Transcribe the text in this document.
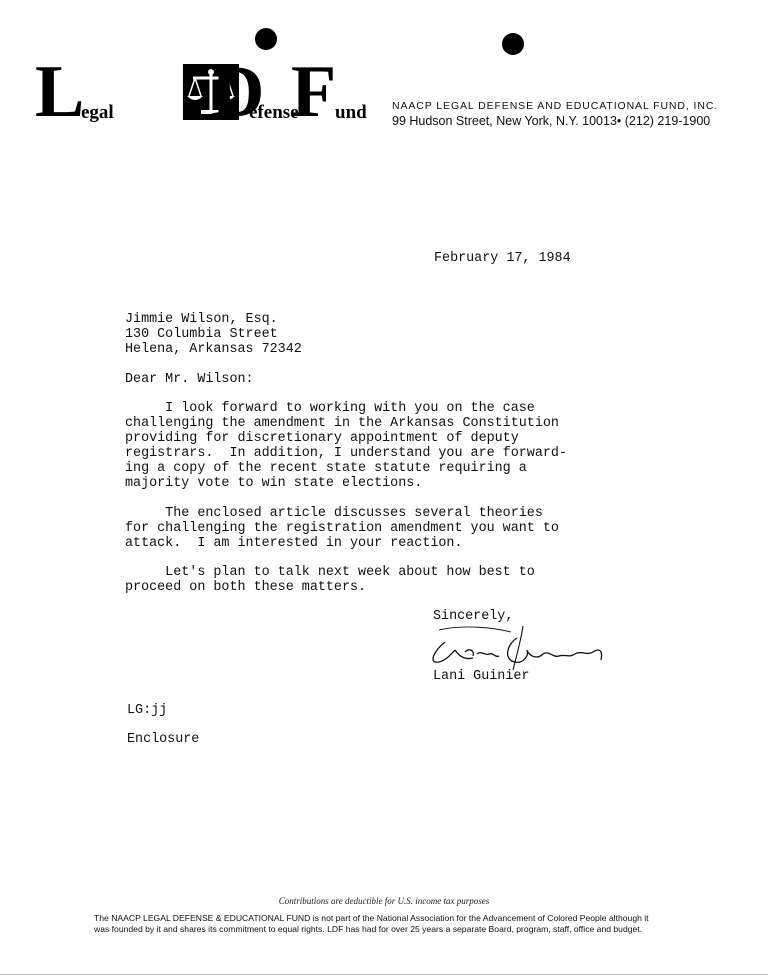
L
egal D
efense
F und NAACP LEGAL DEFENSE AND EDUCATIONAL FUND, INC.
99 Hudson Street, New York, N.Y. 10013• (212) 219-1900
February 17, 1984
Jimmie Wilson, Esq.
130 Columbia Street
Helena, Arkansas 72342
Dear Mr. Wilson:
I look forward to working with you on the case
challenging the amendment in the Arkansas Constitution
providing for discretionary appointment of deputy
registrars.  In addition, I understand you are forward-
ing a copy of the recent state statute requiring a
majority vote to win state elections.
The enclosed article discusses several theories
for challenging the registration amendment you want to
attack.  I am interested in your reaction.
Let's plan to talk next week about how best to
proceed on both these matters.
Sincerely,
Lani Guinier
LG:jj
Enclosure
Contributions are deductible for U.S. income tax purposes
The NAACP LEGAL DEFENSE & EDUCATIONAL FUND is not part of the National Association for the Advancement of Colored People although it
was founded by it and shares its commitment to equal rights. LDF has had for over 25 years a separate Board, program, staff, office and budget.
